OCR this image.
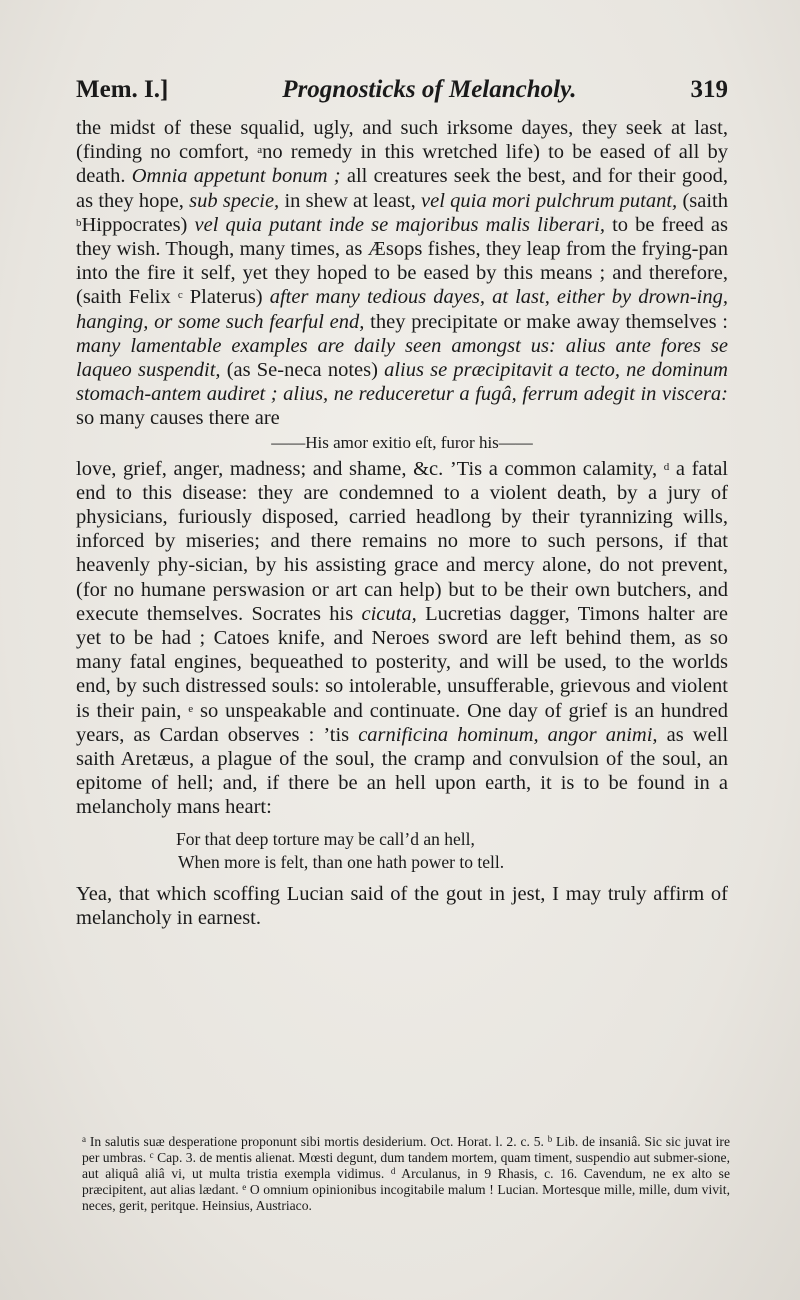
Mem. I.]	Prognosticks of Melancholy.	319

the midst of these squalid, ugly, and such irksome dayes, they seek at last, (finding no comfort, $^a$no remedy in this wretched life) to be eased of all by death. Omnia appetunt bonum ; all creatures seek the best, and for their good, as they hope, sub specie, in shew at least, vel quia mori pulchrum putant, (saith $^b$Hippocrates) vel quia putant inde se majoribus malis liberari, to be freed as they wish. Though, many times, as Æsops fishes, they leap from the frying-pan into the fire it self, yet they hoped to be eased by this means ; and therefore, (saith Felix $^c$ Platerus) after many tedious dayes, at last, either by drown-ing, hanging, or some such fearful end, they precipitate or make away themselves : many lamentable examples are daily seen amongst us: alius ante fores se laqueo suspendit, (as Se-neca notes) alius se præcipitavit a tecto, ne dominum stomach-antem audiret ; alius, ne reduceretur a fugâ, ferrum adegit in viscera: so many causes there are

——His amor exitio eſt, furor his——

love, grief, anger, madness; and shame, &c. ’Tis a common calamity, $^d$ a fatal end to this disease: they are condemned to a violent death, by a jury of physicians, furiously disposed, carried headlong by their tyrannizing wills, inforced by miseries; and there remains no more to such persons, if that heavenly phy-sician, by his assisting grace and mercy alone, do not prevent, (for no humane perswasion or art can help) but to be their own butchers, and execute themselves. Socrates his cicuta, Lucretias dagger, Timons halter are yet to be had ; Catoes knife, and Neroes sword are left behind them, as so many fatal engines, bequeathed to posterity, and will be used, to the worlds end, by such distressed souls: so intolerable, unsufferable, grievous and violent is their pain, $^e$ so unspeakable and continuate. One day of grief is an hundred years, as Cardan observes : ’tis carnificina hominum, angor animi, as well saith Aretæus, a plague of the soul, the cramp and convulsion of the soul, an epitome of hell; and, if there be an hell upon earth, it is to be found in a melancholy mans heart:

For that deep torture may be call’d an hell,
When more is felt, than one hath power to tell.

Yea, that which scoffing Lucian said of the gout in jest, I may truly affirm of melancholy in earnest.

$^a$ In salutis suæ desperatione proponunt sibi mortis desiderium. Oct. Horat. l. 2. c. 5. $^b$ Lib. de insaniâ. Sic sic juvat ire per umbras. $^c$ Cap. 3. de mentis alienat. Mœsti degunt, dum tandem mortem, quam timent, suspendio aut submer-sione, aut aliquâ aliâ vi, ut multa tristia exempla vidimus. $^d$ Arculanus, in 9 Rhasis, c. 16. Cavendum, ne ex alto se præcipitent, aut alias lædant. $^e$ O omnium opinionibus incogitabile malum ! Lucian. Mortesque mille, mille, dum vivit, neces, gerit, peritque. Heinsius, Austriaco.
